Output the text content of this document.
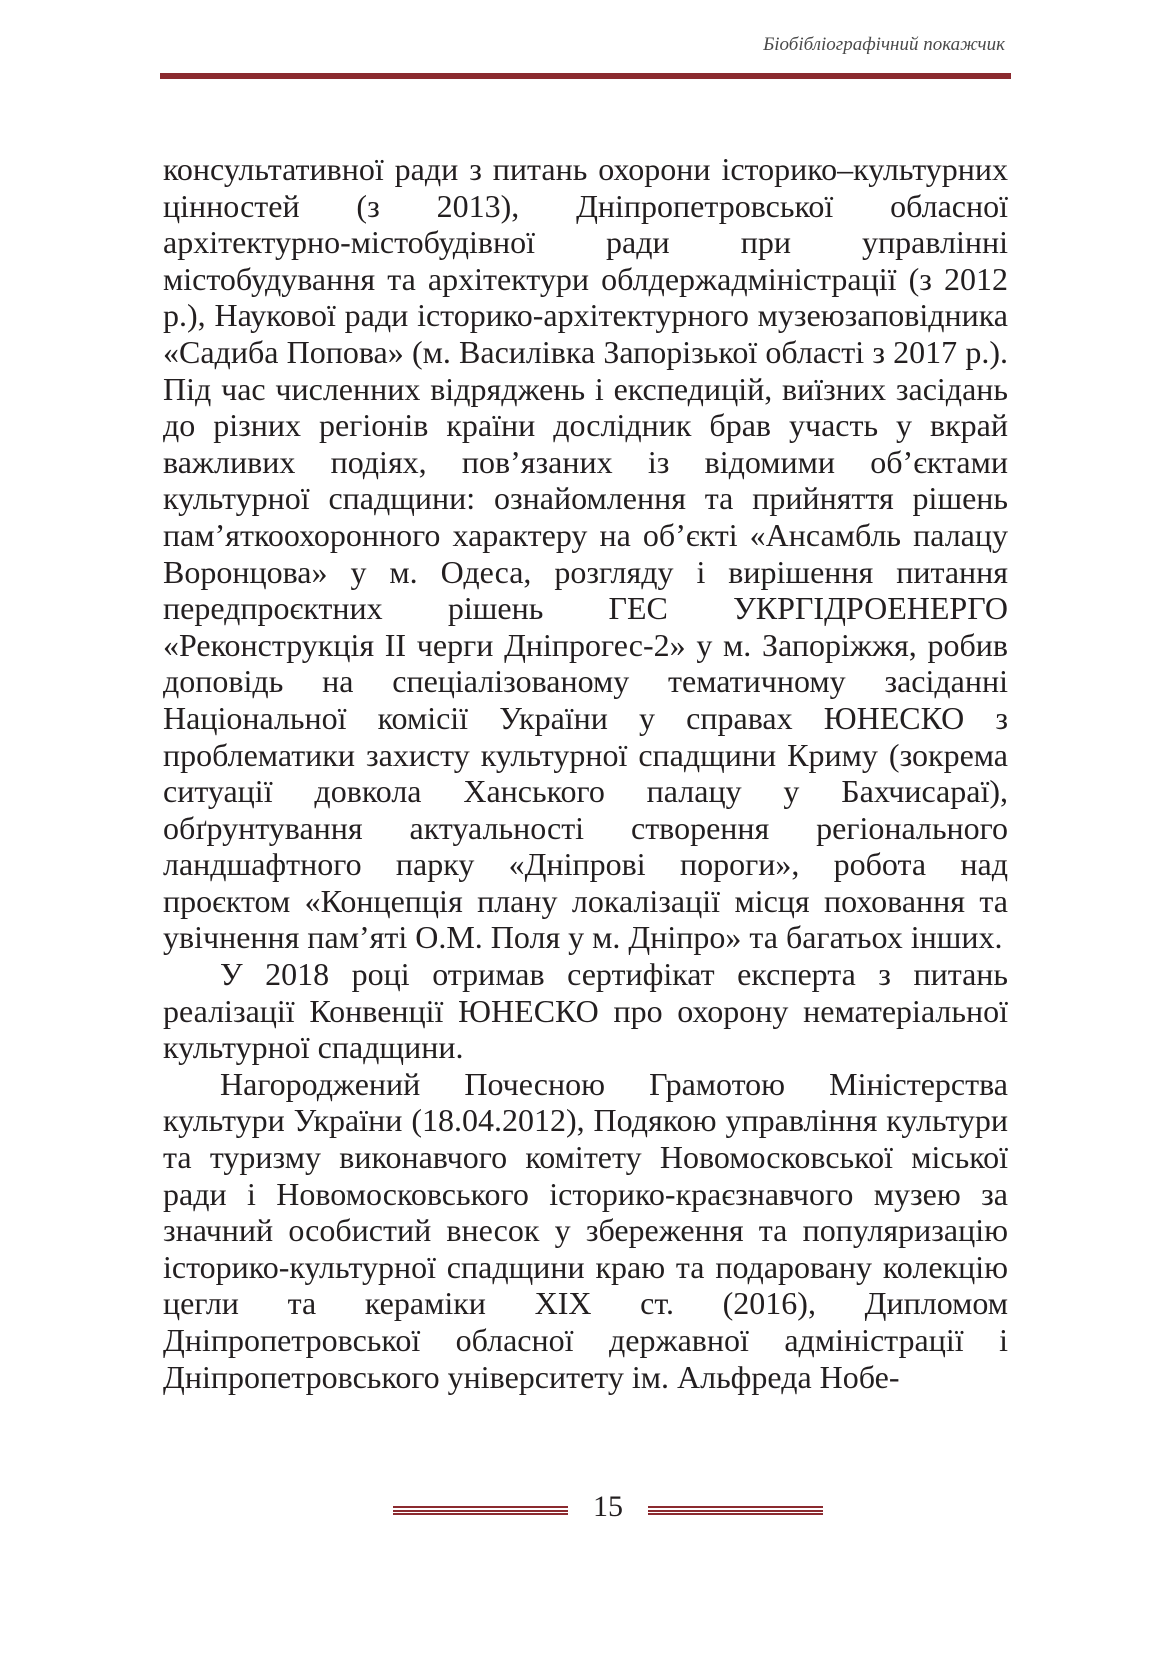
Біобібліографічний покажчик

консультативної ради з питань охорони історико–культурних цінностей (з 2013), Дніпропетровської обласної архітектурно-містобудівної ради при управлінні містобудування та архітектури облдержадміністрації (з 2012 р.), Наукової ради історико-архітектурного музеюзаповідника «Садиба Попова» (м. Василівка Запорізької області з 2017 р.). Під час численних відряджень і експедицій, виїзних засідань до різних регіонів країни дослідник брав участь у вкрай важливих подіях, пов’язаних із відомими об’єктами культурної спадщини: ознайомлення та прийняття рішень пам’яткоохоронного характеру на об’єкті «Ансамбль палацу Воронцова» у м. Одеса, розгляду і вирішення питання передпроєктних рішень ГЕС УКРГІДРОЕНЕРГО «Реконструкція ІІ черги Дніпрогес-2» у м. Запоріжжя, робив доповідь на спеціалізованому тематичному засіданні Національної комісії України у справах ЮНЕСКО з проблематики захисту культурної спадщини Криму (зокрема ситуації довкола Ханського палацу у Бахчисараї), обґрунтування актуальності створення регіонального ландшафтного парку «Дніпрові пороги», робота над проєктом «Концепція плану локалізації місця поховання та увічнення пам’яті О.М. Поля у м. Дніпро» та багатьох інших.

У 2018 році отримав сертифікат експерта з питань реалізації Конвенції ЮНЕСКО про охорону нематеріальної культурної спадщини.

Нагороджений Почесною Грамотою Міністерства культури України (18.04.2012), Подякою управління культури та туризму виконавчого комітету Новомосковської міської ради і Новомосковського історико-краєзнавчого музею за значний особистий внесок у збереження та популяризацію історико-культурної спадщини краю та подаровану колекцію цегли та кераміки ХІХ ст. (2016), Дипломом Дніпропетровської обласної державної адміністрації і Дніпропетровського університету ім. Альфреда Нобе-

15
